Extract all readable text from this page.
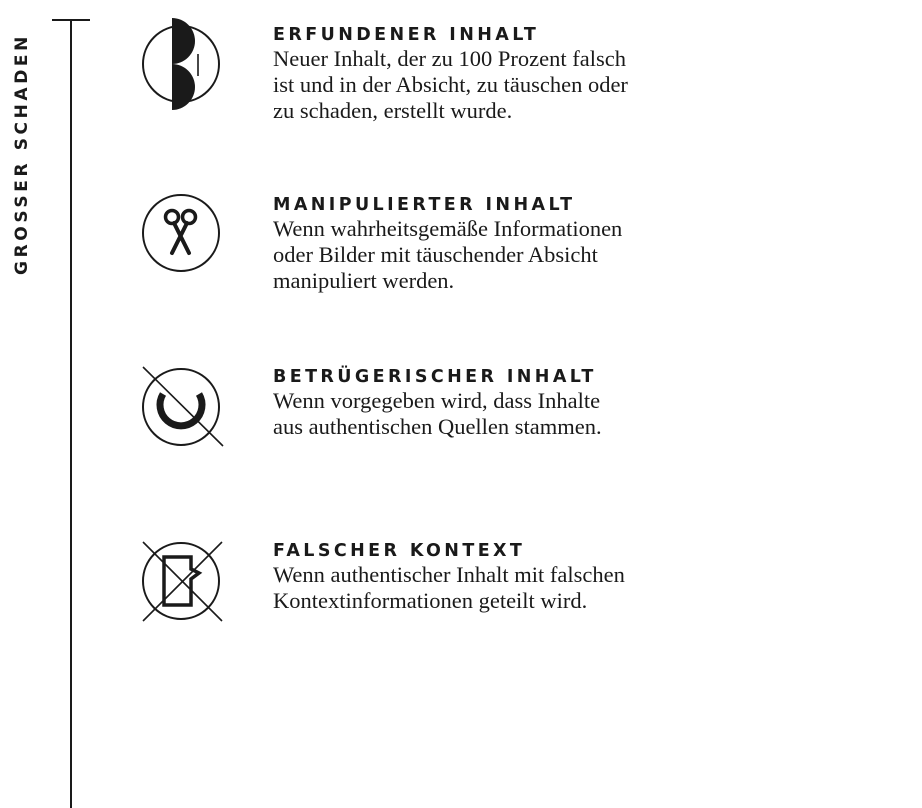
GROSSER SCHADEN	ERFUNDENER INHALT

Neuer Inhalt, der zu 100 Prozent falsch
ist und in der Absicht, zu täuschen oder
zu schaden, erstellt wurde.

MANIPULIERTER INHALT

Wenn wahrheitsgemäße Informationen
oder Bilder mit täuschender Absicht
manipuliert werden.

BETRÜGERISCHER INHALT

Wenn vorgegeben wird, dass Inhalte
aus authentischen Quellen stammen.

FALSCHER KONTEXT

Wenn authentischer Inhalt mit falschen
Kontextinformationen geteilt wird.
